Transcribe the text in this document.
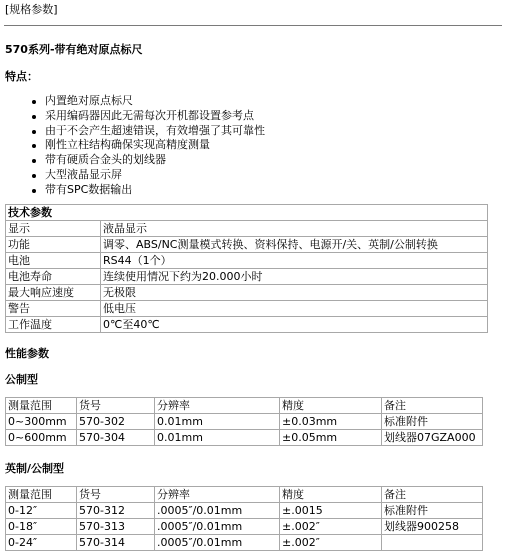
[规格参数]
570系列-带有绝对原点标尺
特点：
内置绝对原点标尺
采用编码器因此无需每次开机都设置参考点
由于不会产生超速错误，有效增强了其可靠性
刚性立柱结构确保实现高精度测量
带有硬质合金头的划线器
大型液晶显示屏
带有SPC数据输出
技术参数	
显示	液晶显示
功能	调零、ABS/NC测量模式转换、资料保持、电源开/关、英制/公制转换
电池	RS44（1个）
电池寿命	连续使用情况下约为20.000小时
最大响应速度	无极限
警告	低电压
工作温度	0℃至40℃
性能参数
公制型
测量范围	货号	分辨率	精度	备注
0~300mm	570-302	0.01mm	±0.03mm	标准附件
0~600mm	570-304	0.01mm	±0.05mm	划线器07GZA000
英制/公制型
测量范围	货号	分辨率	精度	备注
0-12″	570-312	.0005″/0.01mm	±.0015	标准附件
0-18″	570-313	.0005″/0.01mm	±.002″	划线器900258
0-24″	570-314	.0005″/0.01mm	±.002″	
